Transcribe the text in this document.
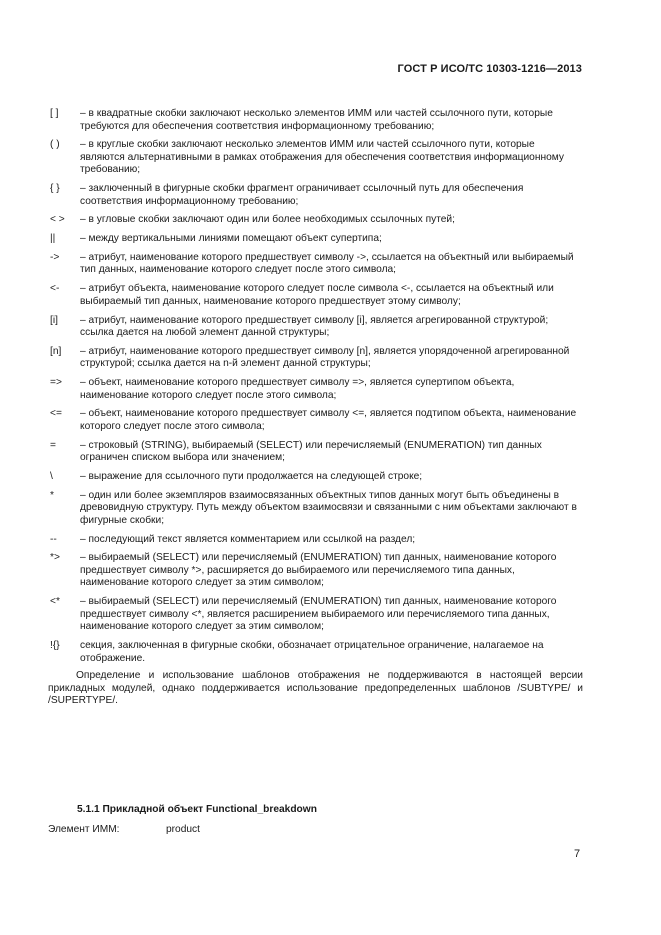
ГОСТ Р ИСО/ТС 10303-1216—2013
[ ]	– в квадратные скобки заключают несколько элементов ИММ или частей ссылочного пути, которые требуются для обеспечения соответствия информационному требованию;
( )	– в круглые скобки заключают несколько элементов ИММ или частей ссылочного пути, которые являются альтернативными в рамках отображения для обеспечения соответствия информационному требованию;
{ }	– заключенный в фигурные скобки фрагмент ограничивает ссылочный путь для обеспечения соответствия информационному требованию;
< >	– в угловые скобки заключают один или более необходимых ссылочных путей;
||	– между вертикальными линиями помещают объект супертипа;
->	– атрибут, наименование которого предшествует символу ->, ссылается на объектный или выбираемый тип данных, наименование которого следует после этого символа;
<-	– атрибут объекта, наименование которого следует после символа <-, ссылается на объектный или выбираемый тип данных, наименование которого предшествует этому символу;
[i]	– атрибут, наименование которого предшествует символу [i], является агрегированной структурой; ссылка дается на любой элемент данной структуры;
[n]	– атрибут, наименование которого предшествует символу [n], является упорядоченной агрегированной структурой; ссылка дается на n-й элемент данной структуры;
=>	– объект, наименование которого предшествует символу =>, является супертипом объекта, наименование которого следует после этого символа;
<=	– объект, наименование которого предшествует символу <=, является подтипом объекта, наименование которого следует после этого символа;
=	– строковый (STRING), выбираемый (SELECT) или перечисляемый (ENUMERATION) тип данных ограничен списком выбора или значением;
\	– выражение для ссылочного пути продолжается на следующей строке;
*	– один или более экземпляров взаимосвязанных объектных типов данных могут быть объединены в древовидную структуру. Путь между объектом взаимосвязи и связанными с ним объектами заключают в фигурные скобки;
--	– последующий текст является комментарием или ссылкой на раздел;
*>	– выбираемый (SELECT) или перечисляемый (ENUMERATION) тип данных, наименование которого предшествует символу *>, расширяется до выбираемого или перечисляемого типа данных, наименование которого следует за этим символом;
<*	– выбираемый (SELECT) или перечисляемый (ENUMERATION) тип данных, наименование которого предшествует символу <*, является расширением выбираемого или перечисляемого типа данных, наименование которого следует за этим символом;
!{}	секция, заключенная в фигурные скобки, обозначает отрицательное ограничение, налагаемое на отображение.
Определение и использование шаблонов отображения не поддерживаются в настоящей версии прикладных модулей, однако поддерживается использование предопределенных шаблонов /SUBTYPE/ и /SUPERTYPE/.
5.1.1 Прикладной объект Functional_breakdown
Элемент ИММ:	product
7
